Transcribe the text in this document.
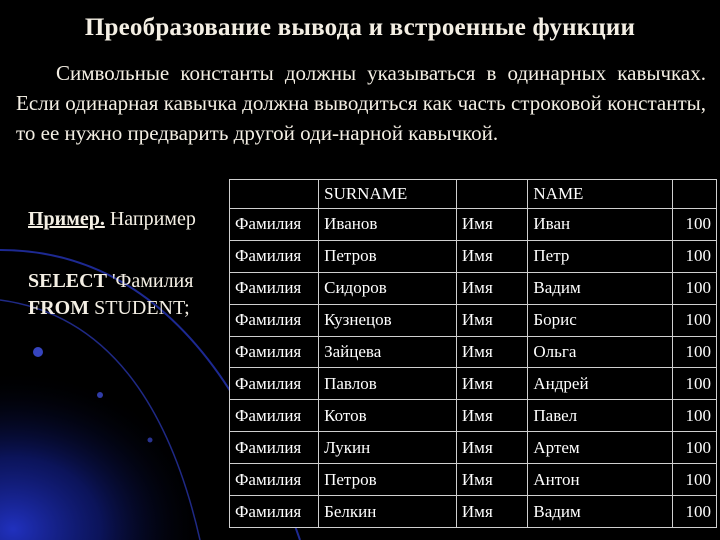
Преобразование вывода и встроенные функции
Символьные константы должны указываться в одинарных кавычках. Если одинарная кавычка должна выводиться как часть строковой константы, то ее нужно предварить другой оди-нарной кавычкой.
Пример. Например
SELECT 'Фамилия
FROM STUDENT;
	SURNAME		NAME	
Фамилия	Иванов	Имя	Иван	100
Фамилия	Петров	Имя	Петр	100
Фамилия	Сидоров	Имя	Вадим	100
Фамилия	Кузнецов	Имя	Борис	100
Фамилия	Зайцева	Имя	Ольга	100
Фамилия	Павлов	Имя	Андрей	100
Фамилия	Котов	Имя	Павел	100
Фамилия	Лукин	Имя	Артем	100
Фамилия	Петров	Имя	Антон	100
Фамилия	Белкин	Имя	Вадим	100
